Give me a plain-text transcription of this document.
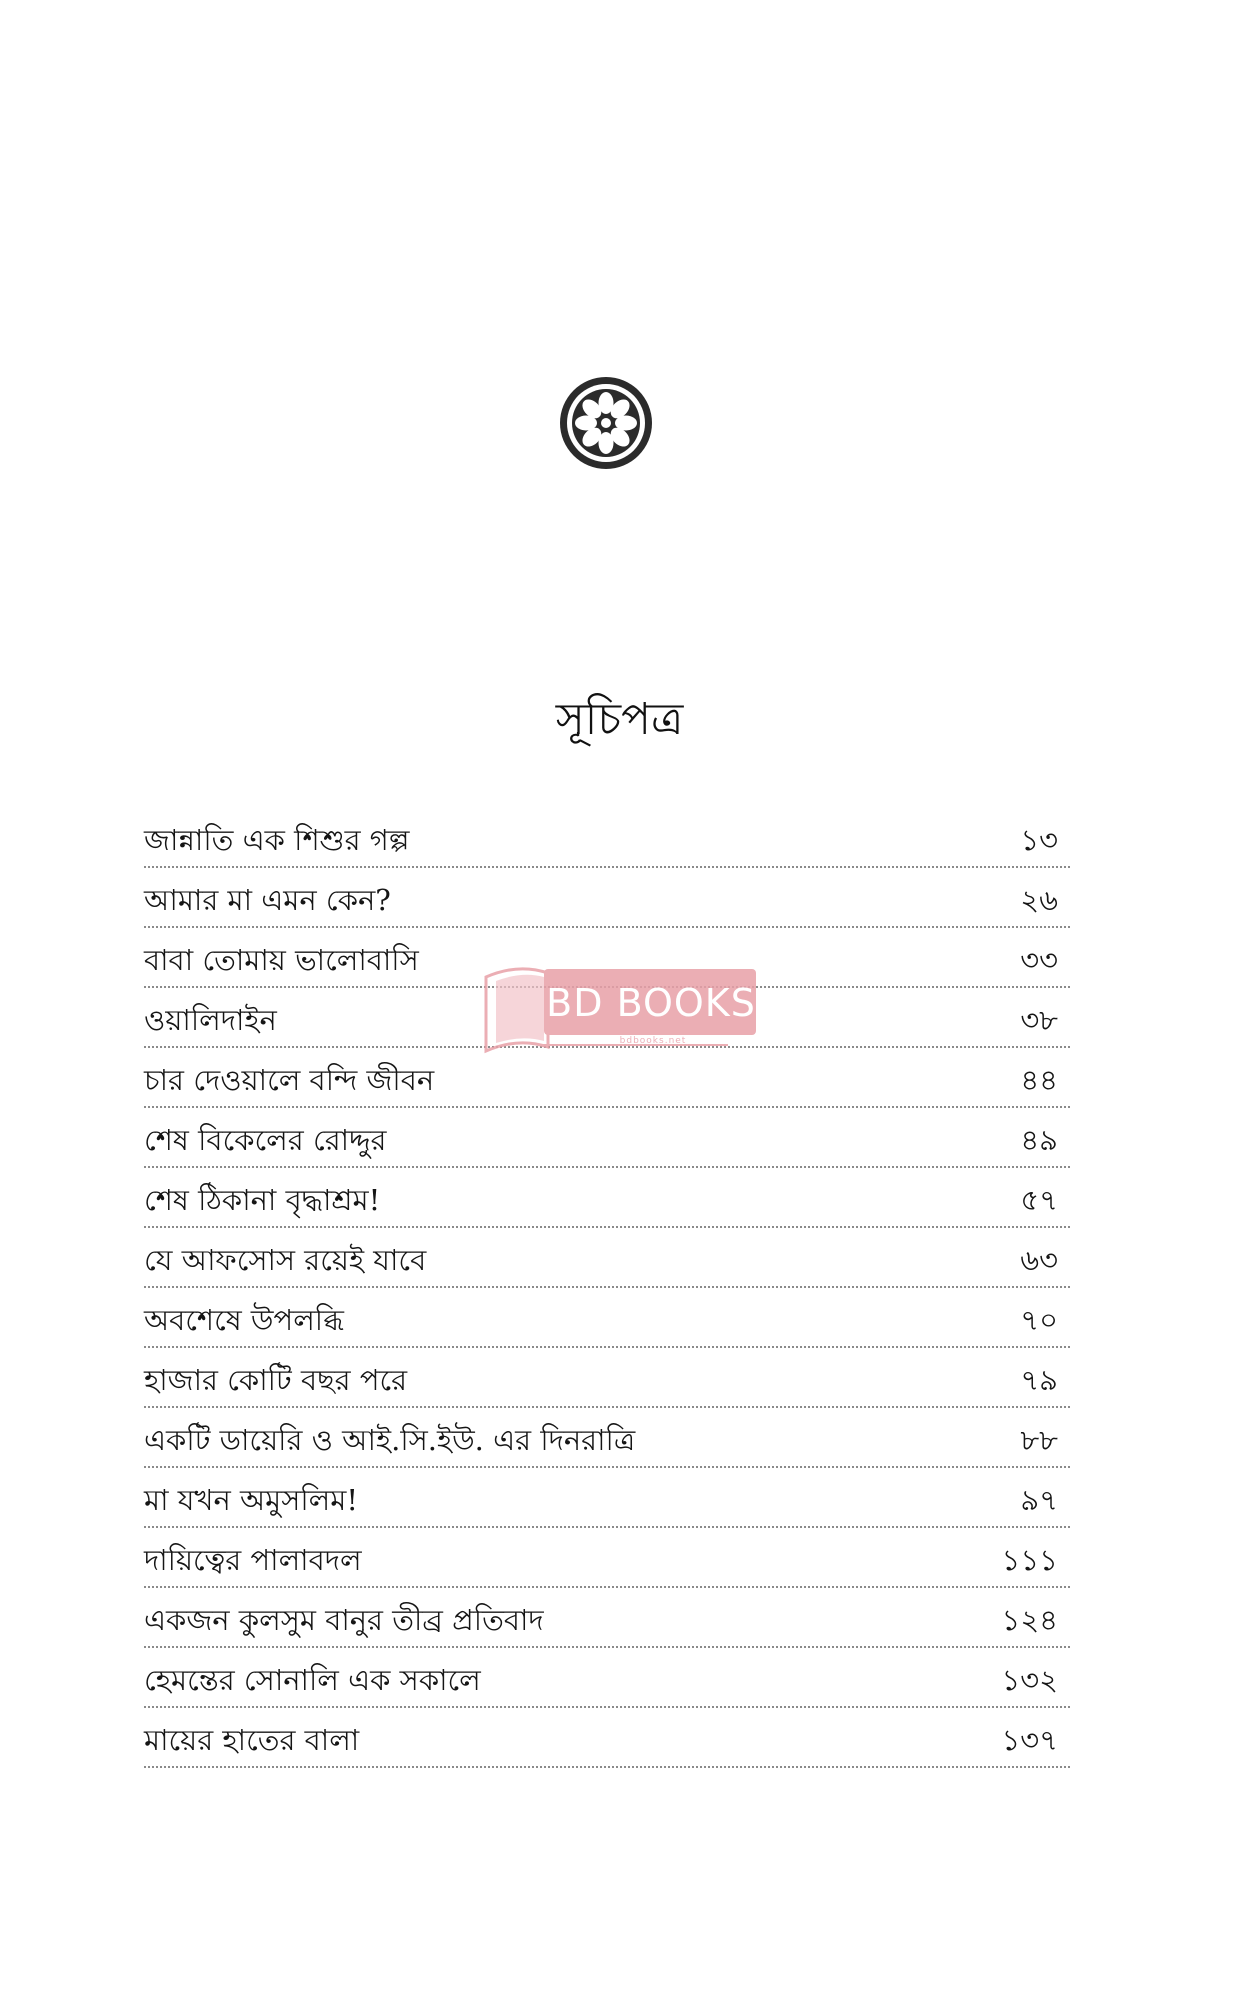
সূচিপত্র
জান্নাতি এক শিশুর গল্প	১৩
আমার মা এমন কেন?	২৬
বাবা তোমায় ভালোবাসি	৩৩
ওয়ালিদাইন	৩৮
চার দেওয়ালে বন্দি জীবন	৪৪
শেষ বিকেলের রোদ্দুর	৪৯
শেষ ঠিকানা বৃদ্ধাশ্রম!	৫৭
যে আফসোস রয়েই যাবে	৬৩
অবশেষে উপলব্ধি	৭০
হাজার কোটি বছর পরে	৭৯
একটি ডায়েরি ও আই.সি.ইউ. এর দিনরাত্রি	৮৮
মা যখন অমুসলিম!	৯৭
দায়িত্বের পালাবদল	১১১
একজন কুলসুম বানুর তীব্র প্রতিবাদ	১২৪
হেমন্তের সোনালি এক সকালে	১৩২
মায়ের হাতের বালা	১৩৭
BD BOOKS
bdbooks.net
